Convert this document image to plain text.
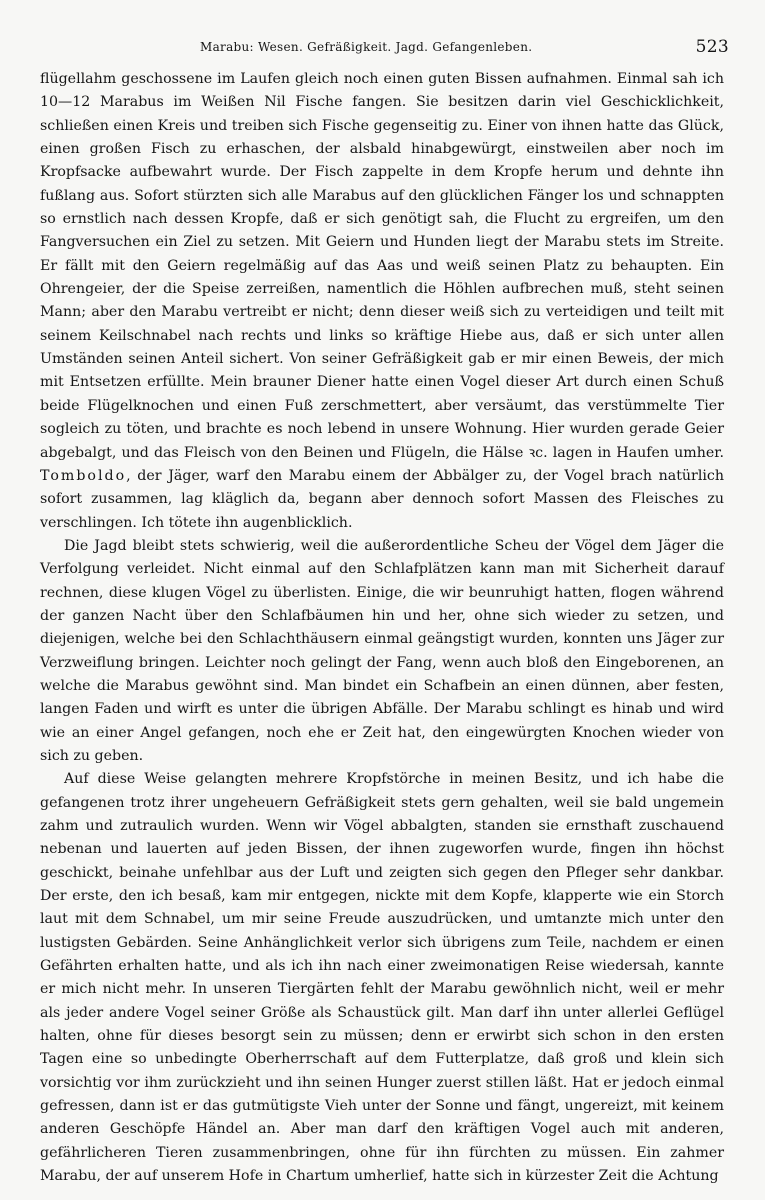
Marabu: Wesen. Gefräßigkeit. Jagd. Gefangenleben.	523

flügellahm geschossene im Laufen gleich noch einen guten Bissen aufnahmen. Einmal sah ich 10—12 Marabus im Weißen Nil Fische fangen. Sie besitzen darin viel Geschicklichkeit, schließen einen Kreis und treiben sich Fische gegenseitig zu. Einer von ihnen hatte das Glück, einen großen Fisch zu erhaschen, der alsbald hinabgewürgt, einstweilen aber noch im Kropfsacke aufbewahrt wurde. Der Fisch zappelte in dem Kropfe herum und dehnte ihn fußlang aus. Sofort stürzten sich alle Marabus auf den glücklichen Fänger los und schnappten so ernstlich nach dessen Kropfe, daß er sich genötigt sah, die Flucht zu ergreifen, um den Fangversuchen ein Ziel zu setzen. Mit Geiern und Hunden liegt der Marabu stets im Streite. Er fällt mit den Geiern regelmäßig auf das Aas und weiß seinen Platz zu behaupten. Ein Ohrengeier, der die Speise zerreißen, namentlich die Höhlen aufbrechen muß, steht seinen Mann; aber den Marabu vertreibt er nicht; denn dieser weiß sich zu verteidigen und teilt mit seinem Keilschnabel nach rechts und links so kräftige Hiebe aus, daß er sich unter allen Umständen seinen Anteil sichert. Von seiner Gefräßigkeit gab er mir einen Beweis, der mich mit Entsetzen erfüllte. Mein brauner Diener hatte einen Vogel dieser Art durch einen Schuß beide Flügelknochen und einen Fuß zerschmettert, aber versäumt, das verstümmelte Tier sogleich zu töten, und brachte es noch lebend in unsere Wohnung. Hier wurden gerade Geier abgebalgt, und das Fleisch von den Beinen und Flügeln, die Hälse ꝛc. lagen in Haufen umher. Tomboldo, der Jäger, warf den Marabu einem der Abbälger zu, der Vogel brach natürlich sofort zusammen, lag kläglich da, begann aber dennoch sofort Massen des Fleisches zu verschlingen. Ich tötete ihn augenblicklich.

Die Jagd bleibt stets schwierig, weil die außerordentliche Scheu der Vögel dem Jäger die Verfolgung verleidet. Nicht einmal auf den Schlafplätzen kann man mit Sicherheit darauf rechnen, diese klugen Vögel zu überlisten. Einige, die wir beunruhigt hatten, flogen während der ganzen Nacht über den Schlafbäumen hin und her, ohne sich wieder zu setzen, und diejenigen, welche bei den Schlachthäusern einmal geängstigt wurden, konnten uns Jäger zur Verzweiflung bringen. Leichter noch gelingt der Fang, wenn auch bloß den Eingeborenen, an welche die Marabus gewöhnt sind. Man bindet ein Schafbein an einen dünnen, aber festen, langen Faden und wirft es unter die übrigen Abfälle. Der Marabu schlingt es hinab und wird wie an einer Angel gefangen, noch ehe er Zeit hat, den eingewürgten Knochen wieder von sich zu geben.

Auf diese Weise gelangten mehrere Kropfstörche in meinen Besitz, und ich habe die gefangenen trotz ihrer ungeheuern Gefräßigkeit stets gern gehalten, weil sie bald ungemein zahm und zutraulich wurden. Wenn wir Vögel abbalgten, standen sie ernsthaft zuschauend nebenan und lauerten auf jeden Bissen, der ihnen zugeworfen wurde, fingen ihn höchst geschickt, beinahe unfehlbar aus der Luft und zeigten sich gegen den Pfleger sehr dankbar. Der erste, den ich besaß, kam mir entgegen, nickte mit dem Kopfe, klapperte wie ein Storch laut mit dem Schnabel, um mir seine Freude auszudrücken, und umtanzte mich unter den lustigsten Gebärden. Seine Anhänglichkeit verlor sich übrigens zum Teile, nachdem er einen Gefährten erhalten hatte, und als ich ihn nach einer zweimonatigen Reise wiedersah, kannte er mich nicht mehr. In unseren Tiergärten fehlt der Marabu gewöhnlich nicht, weil er mehr als jeder andere Vogel seiner Größe als Schaustück gilt. Man darf ihn unter allerlei Geflügel halten, ohne für dieses besorgt sein zu müssen; denn er erwirbt sich schon in den ersten Tagen eine so unbedingte Oberherrschaft auf dem Futterplatze, daß groß und klein sich vorsichtig vor ihm zurückzieht und ihn seinen Hunger zuerst stillen läßt. Hat er jedoch einmal gefressen, dann ist er das gutmütigste Vieh unter der Sonne und fängt, ungereizt, mit keinem anderen Geschöpfe Händel an. Aber man darf den kräftigen Vogel auch mit anderen, gefährlicheren Tieren zusammenbringen, ohne für ihn fürchten zu müssen. Ein zahmer Marabu, der auf unserem Hofe in Chartum umherlief, hatte sich in kürzester Zeit die Achtung
